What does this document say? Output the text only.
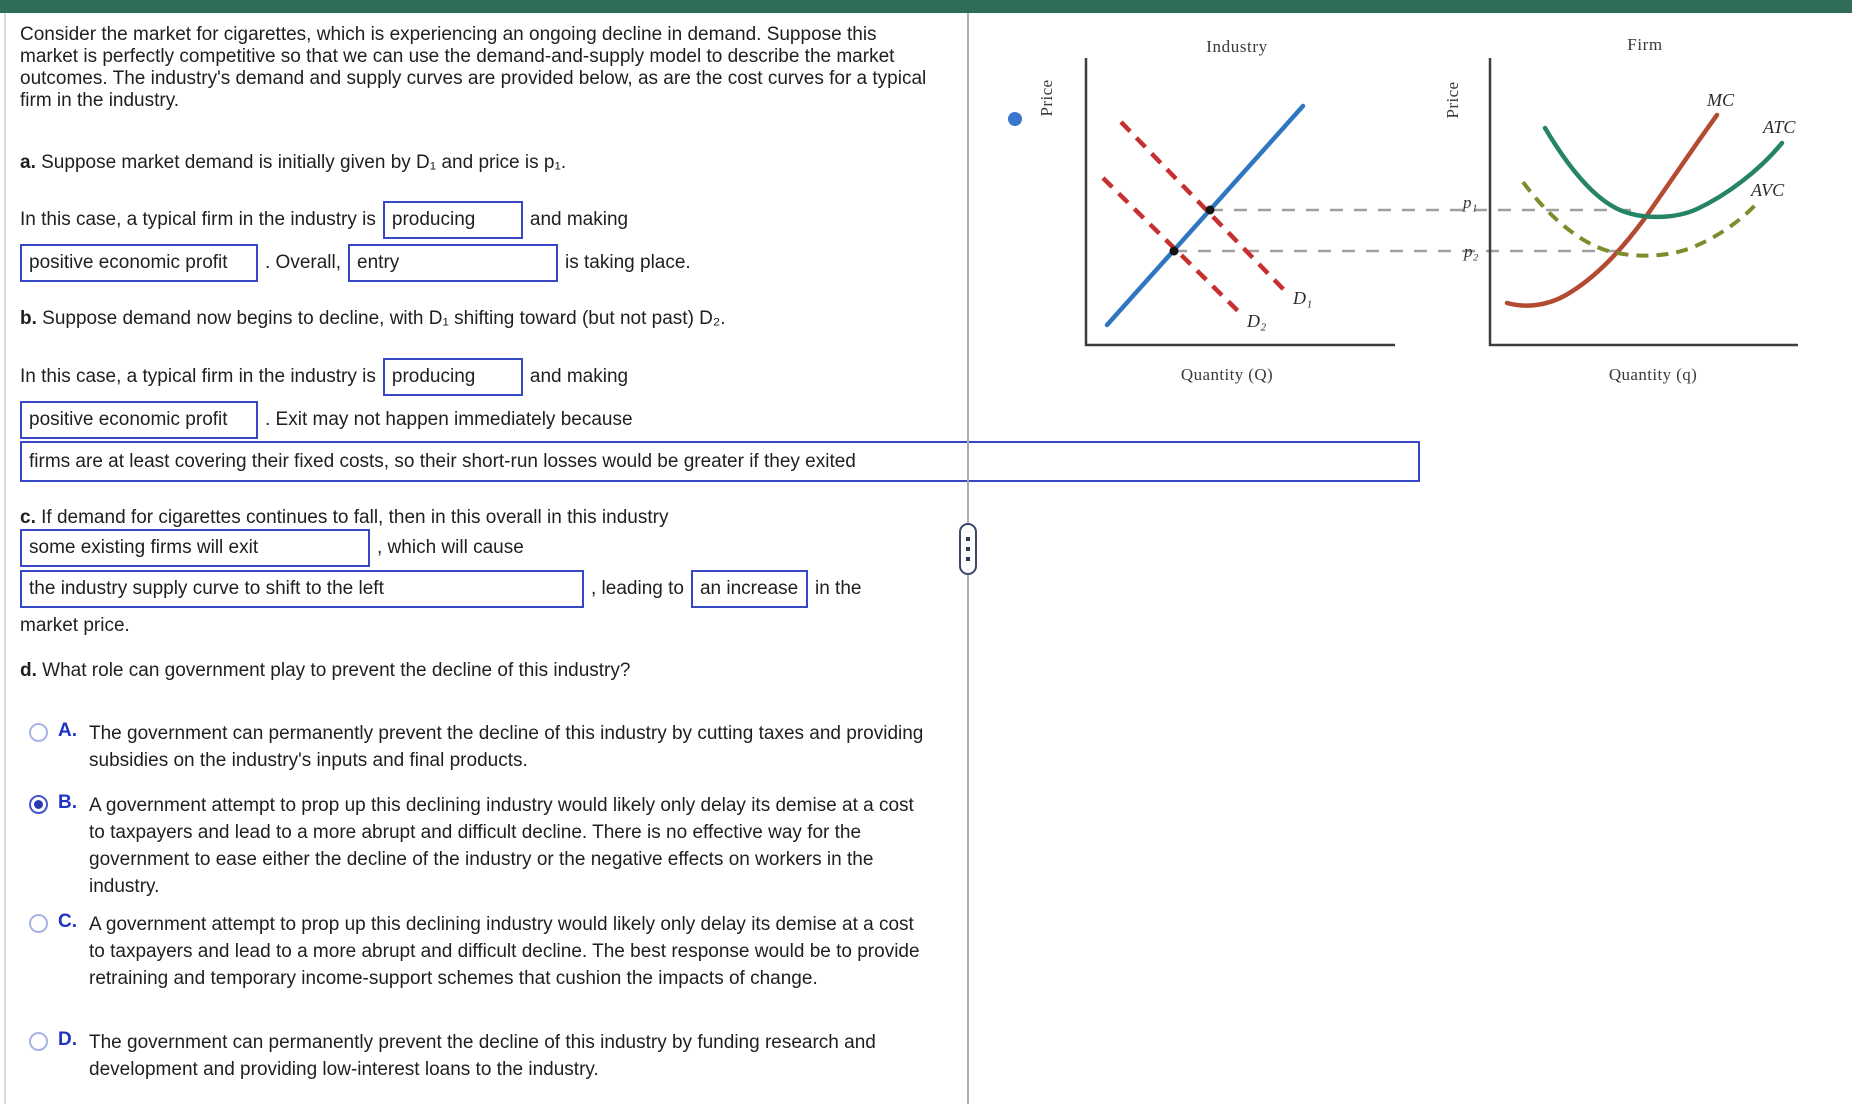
Consider the market for cigarettes, which is experiencing an ongoing decline in demand. Suppose this market is perfectly competitive so that we can use the demand-and-supply model to describe the market outcomes. The industry's demand and supply curves are provided below, as are the cost curves for a typical firm in the industry.
a. Suppose market demand is initially given by D₁ and price is p₁.
In this case, a typical firm in the industry is producing	and making
positive economic profit . Overall, entry	is taking place.
b. Suppose demand now begins to decline, with D₁ shifting toward (but not past) D₂.
In this case, a typical firm in the industry is producing	and making
positive economic profit . Exit may not happen immediately because
firms are at least covering their fixed costs, so their short-run losses would be greater if they exited
c. If demand for cigarettes continues to fall, then in this overall in this industry
some existing firms will exit	, which will cause
the industry supply curve to shift to the left	, leading to an increase in the
market price.
d. What role can government play to prevent the decline of this industry?
A. The government can permanently prevent the decline of this industry by cutting taxes and providing subsidies on the industry's inputs and final products.
B. A government attempt to prop up this declining industry would likely only delay its demise at a cost to taxpayers and lead to a more abrupt and difficult decline. There is no effective way for the government to ease either the decline of the industry or the negative effects on workers in the industry.
C. A government attempt to prop up this declining industry would likely only delay its demise at a cost to taxpayers and lead to a more abrupt and difficult decline. The best response would be to provide retraining and temporary income-support schemes that cushion the impacts of change.
D. The government can permanently prevent the decline of this industry by funding research and development and providing low-interest loans to the industry.
Industry
Price
Quantity (Q)
D₁
D₂
Firm
Price
Quantity (q)
MC
ATC
AVC
p₁
p₂
